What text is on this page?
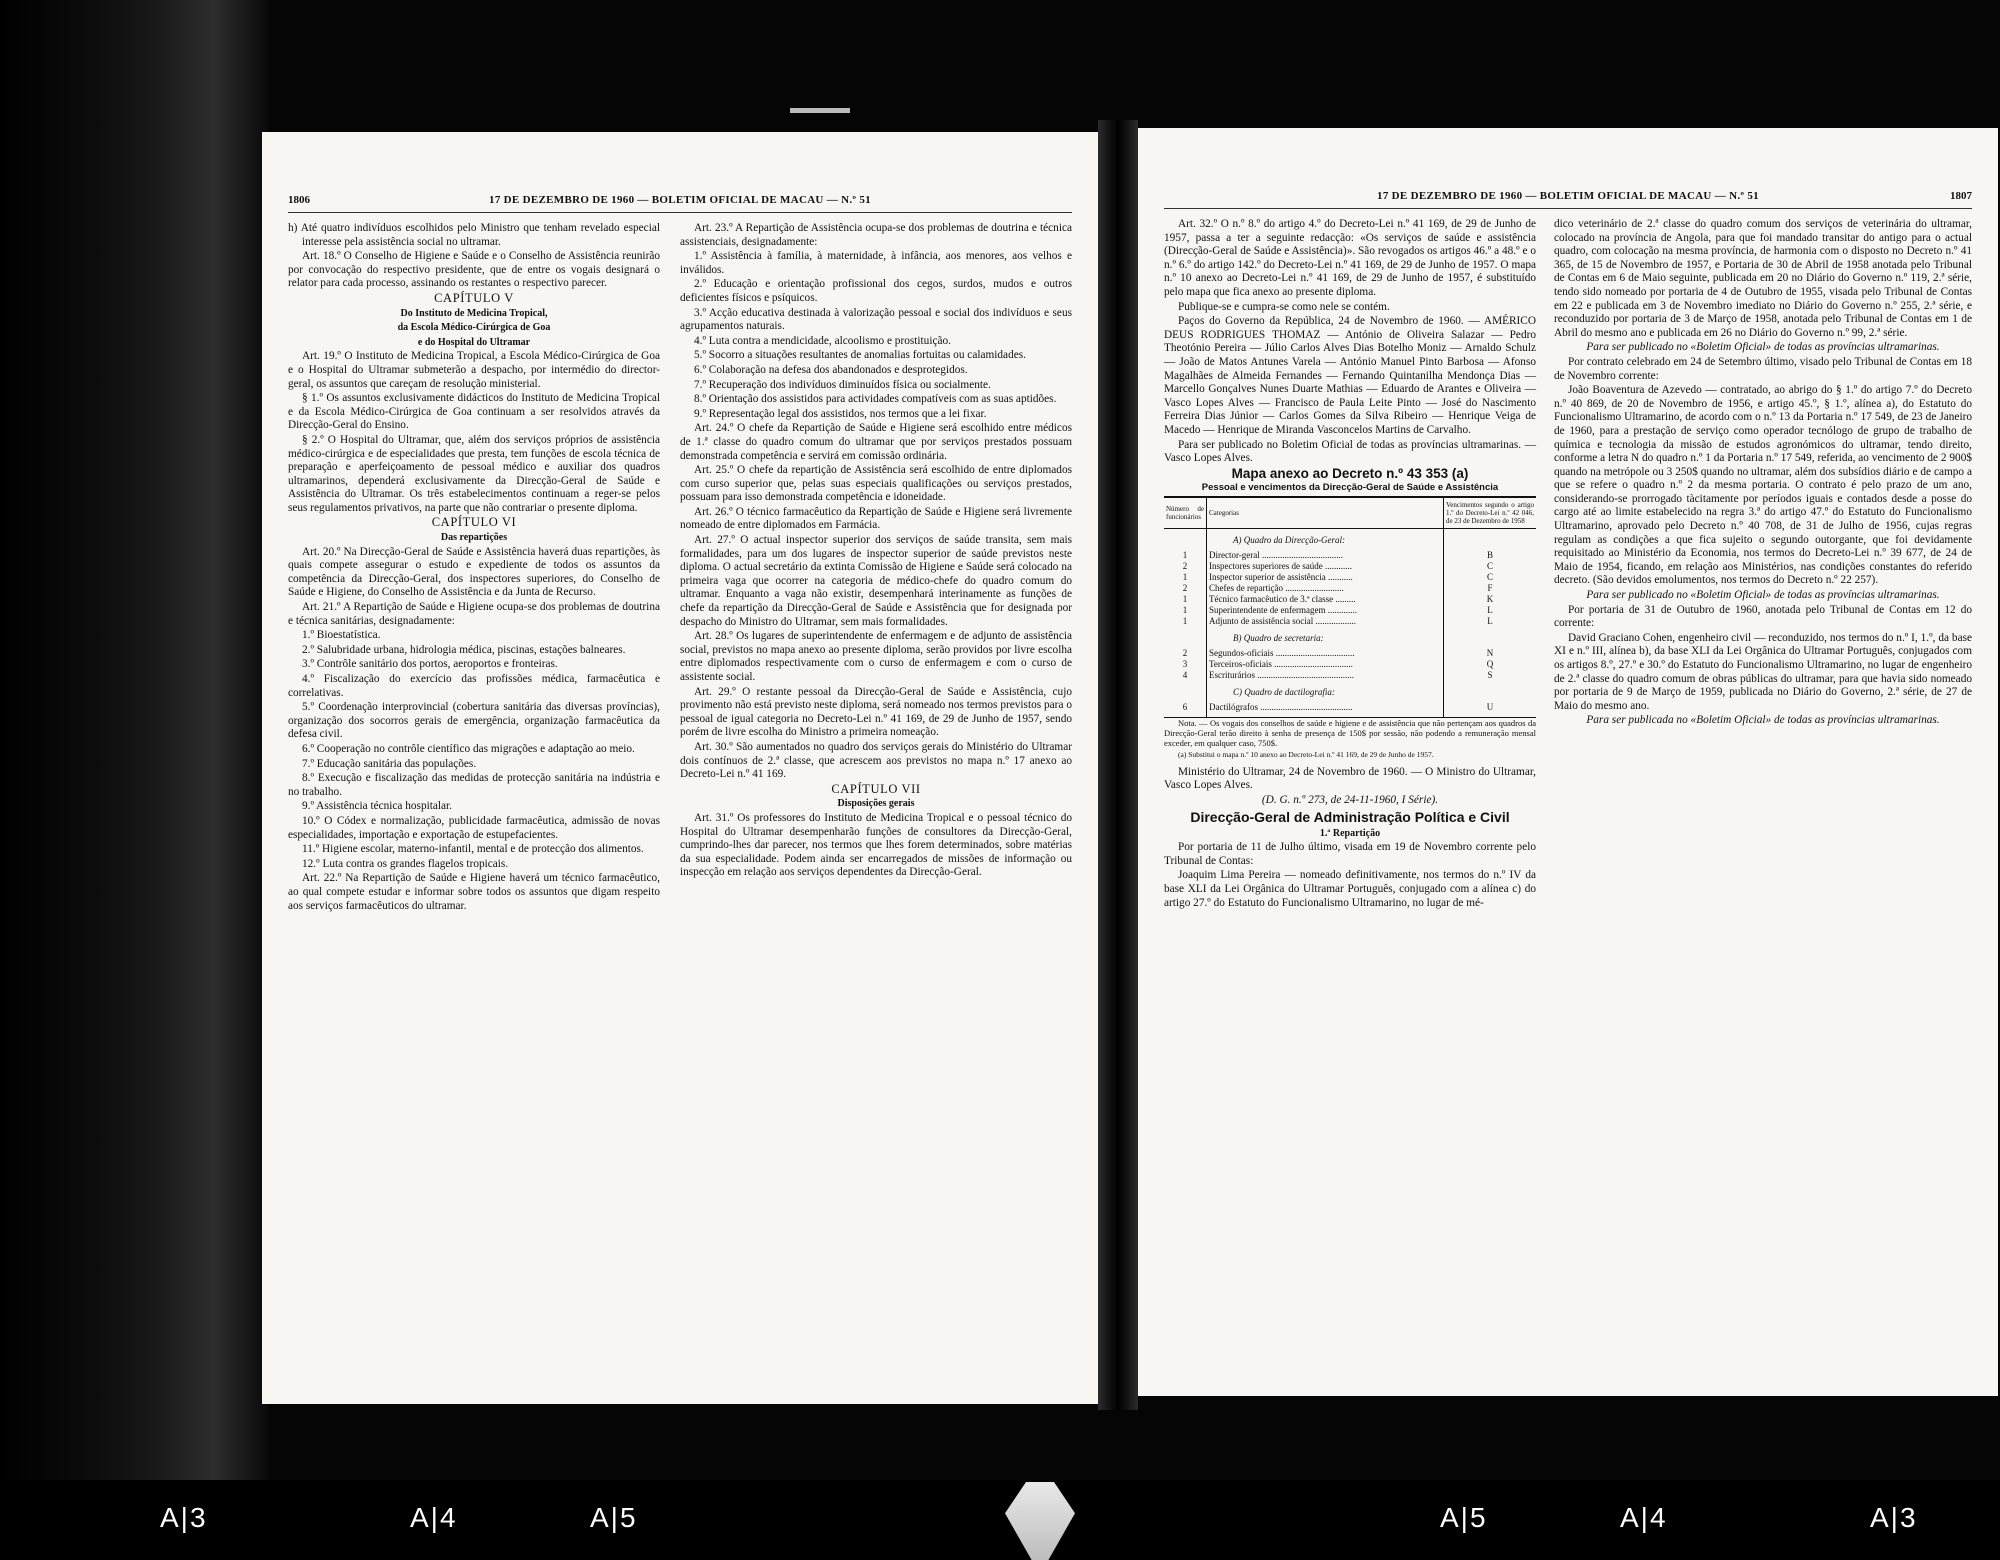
1806	17 DE DEZEMBRO DE 1960 — BOLETIM OFICIAL DE MACAU — N.º 51

h) Até quatro indivíduos escolhidos pelo Ministro que tenham revelado especial interesse pela assistência social no ultramar.

Art. 18.º O Conselho de Higiene e Saúde e o Conselho de Assistência reunirão por convocação do respectivo presidente, que de entre os vogais designará o relator para cada processo, assinando os restantes o respectivo parecer.

CAPÍTULO V

Do Instituto de Medicina Tropical,

da Escola Médico-Cirúrgica de Goa

e do Hospital do Ultramar

Art. 19.º O Instituto de Medicina Tropical, a Escola Médico-Cirúrgica de Goa e o Hospital do Ultramar submeterão a despacho, por intermédio do director-geral, os assuntos que careçam de resolução ministerial.

§ 1.º Os assuntos exclusivamente didácticos do Instituto de Medicina Tropical e da Escola Médico-Cirúrgica de Goa continuam a ser resolvidos através da Direcção-Geral do Ensino.

§ 2.º O Hospital do Ultramar, que, além dos serviços próprios de assistência médico-cirúrgica e de especialidades que presta, tem funções de escola técnica de preparação e aperfeiçoamento de pessoal médico e auxiliar dos quadros ultramarinos, dependerá exclusivamente da Direcção-Geral de Saúde e Assistência do Ultramar. Os três estabelecimentos continuam a reger-se pelos seus regulamentos privativos, na parte que não contrariar o presente diploma.

CAPÍTULO VI

Das repartições

Art. 20.º Na Direcção-Geral de Saúde e Assistência haverá duas repartições, às quais compete assegurar o estudo e expediente de todos os assuntos da competência da Direcção-Geral, dos inspectores superiores, do Conselho de Saúde e Higiene, do Conselho de Assistência e da Junta de Recurso.

Art. 21.º A Repartição de Saúde e Higiene ocupa-se dos problemas de doutrina e técnica sanitárias, designadamente:

1.º Bioestatística.

2.º Salubridade urbana, hidrologia médica, piscinas, estações balneares.

3.º Contrôle sanitário dos portos, aeroportos e fronteiras.

4.º Fiscalização do exercício das profissões médica, farmacêutica e correlativas.

5.º Coordenação interprovincial (cobertura sanitária das diversas províncias), organização dos socorros gerais de emergência, organização farmacêutica da defesa civil.

6.º Cooperação no contrôle científico das migrações e adaptação ao meio.

7.º Educação sanitária das populações.

8.º Execução e fiscalização das medidas de protecção sanitária na indústria e no trabalho.

9.º Assistência técnica hospitalar.

10.º O Códex e normalização, publicidade farmacêutica, admissão de novas especialidades, importação e exportação de estupefacientes.

11.º Higiene escolar, materno-infantil, mental e de protecção dos alimentos.

12.º Luta contra os grandes flagelos tropicais.

Art. 22.º Na Repartição de Saúde e Higiene haverá um técnico farmacêutico, ao qual compete estudar e informar sobre todos os assuntos que digam respeito aos serviços farmacêuticos do ultramar.

Art. 23.º A Repartição de Assistência ocupa-se dos problemas de doutrina e técnica assistenciais, designadamente:

1.º Assistência à família, à maternidade, à infância, aos menores, aos velhos e inválidos.

2.º Educação e orientação profissional dos cegos, surdos, mudos e outros deficientes físicos e psíquicos.

3.º Acção educativa destinada à valorização pessoal e social dos indivíduos e seus agrupamentos naturais.

4.º Luta contra a mendicidade, alcoolismo e prostituição.

5.º Socorro a situações resultantes de anomalias fortuitas ou calamidades.

6.º Colaboração na defesa dos abandonados e desprotegidos.

7.º Recuperação dos indivíduos diminuídos física ou socialmente.

8.º Orientação dos assistidos para actividades compatíveis com as suas aptidões.

9.º Representação legal dos assistidos, nos termos que a lei fixar.

Art. 24.º O chefe da Repartição de Saúde e Higiene será escolhido entre médicos de 1.ª classe do quadro comum do ultramar que por serviços prestados possuam demonstrada competência e servirá em comissão ordinária.

Art. 25.º O chefe da repartição de Assistência será escolhido de entre diplomados com curso superior que, pelas suas especiais qualificações ou serviços prestados, possuam para isso demonstrada competência e idoneidade.

Art. 26.º O técnico farmacêutico da Repartição de Saúde e Higiene será livremente nomeado de entre diplomados em Farmácia.

Art. 27.º O actual inspector superior dos serviços de saúde transita, sem mais formalidades, para um dos lugares de inspector superior de saúde previstos neste diploma. O actual secretário da extinta Comissão de Higiene e Saúde será colocado na primeira vaga que ocorrer na categoria de médico-chefe do quadro comum do ultramar. Enquanto a vaga não existir, desempenhará interinamente as funções de chefe da repartição da Direcção-Geral de Saúde e Assistência que for designada por despacho do Ministro do Ultramar, sem mais formalidades.

Art. 28.º Os lugares de superintendente de enfermagem e de adjunto de assistência social, previstos no mapa anexo ao presente diploma, serão providos por livre escolha entre diplomados respectivamente com o curso de enfermagem e com o curso de assistente social.

Art. 29.º O restante pessoal da Direcção-Geral de Saúde e Assistência, cujo provimento não está previsto neste diploma, será nomeado nos termos previstos para o pessoal de igual categoria no Decreto-Lei n.º 41 169, de 29 de Junho de 1957, sendo porém de livre escolha do Ministro a primeira nomeação.

Art. 30.º São aumentados no quadro dos serviços gerais do Ministério do Ultramar dois contínuos de 2.ª classe, que acrescem aos previstos no mapa n.º 17 anexo ao Decreto-Lei n.º 41 169.

CAPÍTULO VII

Disposições gerais

Art. 31.º Os professores do Instituto de Medicina Tropical e o pessoal técnico do Hospital do Ultramar desempenharão funções de consultores da Direcção-Geral, cumprindo-lhes dar parecer, nos termos que lhes forem determinados, sobre matérias da sua especialidade. Podem ainda ser encarregados de missões de informação ou inspecção em relação aos serviços dependentes da Direcção-Geral.

17 DE DEZEMBRO DE 1960 — BOLETIM OFICIAL DE MACAU — N.º 51	1807

Art. 32.º O n.º 8.º do artigo 4.º do Decreto-Lei n.º 41 169, de 29 de Junho de 1957, passa a ter a seguinte redacção: «Os serviços de saúde e assistência (Direcção-Geral de Saúde e Assistência)». São revogados os artigos 46.º a 48.º e o n.º 6.º do artigo 142.º do Decreto-Lei n.º 41 169, de 29 de Junho de 1957. O mapa n.º 10 anexo ao Decreto-Lei n.º 41 169, de 29 de Junho de 1957, é substituído pelo mapa que fica anexo ao presente diploma.

Publique-se e cumpra-se como nele se contém.

Paços do Governo da República, 24 de Novembro de 1960. — AMÉRICO DEUS RODRIGUES THOMAZ — António de Oliveira Salazar — Pedro Theotónio Pereira — Júlio Carlos Alves Dias Botelho Moniz — Arnaldo Schulz — João de Matos Antunes Varela — António Manuel Pinto Barbosa — Afonso Magalhães de Almeida Fernandes — Fernando Quintanilha Mendonça Dias — Marcello Gonçalves Nunes Duarte Mathias — Eduardo de Arantes e Oliveira — Vasco Lopes Alves — Francisco de Paula Leite Pinto — José do Nascimento Ferreira Dias Júnior — Carlos Gomes da Silva Ribeiro — Henrique Veiga de Macedo — Henrique de Miranda Vasconcelos Martins de Carvalho.

Para ser publicado no Boletim Oficial de todas as províncias ultramarinas. — Vasco Lopes Alves.

Mapa anexo ao Decreto n.º 43 353 (a)

Pessoal e vencimentos da Direcção-Geral de Saúde e Assistência

Número de funcionários	Categorias	Vencimentos segundo o artigo 1.º do Decreto-Lei n.º 42 046, de 23 de Dezembro de 1958
	A) Quadro da Direcção-Geral:	
1	Director-geral ....................................	B
2	Inspectores superiores de saúde ............	C
1	Inspector superior de assistência ...........	C
2	Chefes de repartição ..........................	F
1	Técnico farmacêutico de 3.ª classe .........	K
1	Superintendente de enfermagem .............	L
1	Adjunto de assistência social ..................	L
	B) Quadro de secretaria:	
2	Segundos-oficiais ...................................	N
3	Terceiros-oficiais ...................................	Q
4	Escriturários ...........................................	S
	C) Quadro de dactilografia:	
6	Dactilógrafos .........................................	U

Nota. — Os vogais dos conselhos de saúde e higiene e de assistência que não pertençam aos quadros da Direcção-Geral terão direito à senha de presença de 150$ por sessão, não podendo a remuneração mensal exceder, em qualquer caso, 750$.

(a) Substitui o mapa n.º 10 anexo ao Decreto-Lei n.º 41 169, de 29 de Junho de 1957.

Ministério do Ultramar, 24 de Novembro de 1960. — O Ministro do Ultramar, Vasco Lopes Alves.

(D. G. n.º 273, de 24-11-1960, I Série).

Direcção-Geral de Administração Política e Civil

1.ª Repartição

Por portaria de 11 de Julho último, visada em 19 de Novembro corrente pelo Tribunal de Contas:

Joaquim Lima Pereira — nomeado definitivamente, nos termos do n.º IV da base XLI da Lei Orgânica do Ultramar Português, conjugado com a alínea c) do artigo 27.º do Estatuto do Funcionalismo Ultramarino, no lugar de mé-

dico veterinário de 2.ª classe do quadro comum dos serviços de veterinária do ultramar, colocado na província de Angola, para que foi mandado transitar do antigo para o actual quadro, com colocação na mesma província, de harmonia com o disposto no Decreto n.º 41 365, de 15 de Novembro de 1957, e Portaria de 30 de Abril de 1958 anotada pelo Tribunal de Contas em 6 de Maio seguinte, publicada em 20 no Diário do Governo n.º 119, 2.ª série, tendo sido nomeado por portaria de 4 de Outubro de 1955, visada pelo Tribunal de Contas em 22 e publicada em 3 de Novembro imediato no Diário do Governo n.º 255, 2.ª série, e reconduzido por portaria de 3 de Março de 1958, anotada pelo Tribunal de Contas em 1 de Abril do mesmo ano e publicada em 26 no Diário do Governo n.º 99, 2.ª série.

Para ser publicado no «Boletim Oficial» de todas as províncias ultramarinas.

Por contrato celebrado em 24 de Setembro último, visado pelo Tribunal de Contas em 18 de Novembro corrente:

João Boaventura de Azevedo — contratado, ao abrigo do § 1.º do artigo 7.º do Decreto n.º 40 869, de 20 de Novembro de 1956, e artigo 45.º, § 1.º, alínea a), do Estatuto do Funcionalismo Ultramarino, de acordo com o n.º 13 da Portaria n.º 17 549, de 23 de Janeiro de 1960, para a prestação de serviço como operador tecnólogo de grupo de trabalho de química e tecnologia da missão de estudos agronómicos do ultramar, tendo direito, conforme a letra N do quadro n.º 1 da Portaria n.º 17 549, referida, ao vencimento de 2 900$ quando na metrópole ou 3 250$ quando no ultramar, além dos subsídios diário e de campo a que se refere o quadro n.º 2 da mesma portaria. O contrato é pelo prazo de um ano, considerando-se prorrogado tàcitamente por períodos iguais e contados desde a posse do cargo até ao limite estabelecido na regra 3.ª do artigo 47.º do Estatuto do Funcionalismo Ultramarino, aprovado pelo Decreto n.º 40 708, de 31 de Julho de 1956, cujas regras regulam as condições a que fica sujeito o segundo outorgante, que foi devidamente requisitado ao Ministério da Economia, nos termos do Decreto-Lei n.º 39 677, de 24 de Maio de 1954, ficando, em relação aos Ministérios, nas condições constantes do referido decreto. (São devidos emolumentos, nos termos do Decreto n.º 22 257).

Para ser publicado no «Boletim Oficial» de todas as províncias ultramarinas.

Por portaria de 31 de Outubro de 1960, anotada pelo Tribunal de Contas em 12 do corrente:

David Graciano Cohen, engenheiro civil — reconduzido, nos termos do n.º I, 1.º, da base XI e n.º III, alínea b), da base XLI da Lei Orgânica do Ultramar Português, conjugados com os artigos 8.º, 27.º e 30.º do Estatuto do Funcionalismo Ultramarino, no lugar de engenheiro de 2.ª classe do quadro comum de obras públicas do ultramar, para que havia sido nomeado por portaria de 9 de Março de 1959, publicada no Diário do Governo, 2.ª série, de 27 de Maio do mesmo ano.

Para ser publicada no «Boletim Oficial» de todas as províncias ultramarinas.

A|3	A|4	A|5	A|5	A|4	A|3
